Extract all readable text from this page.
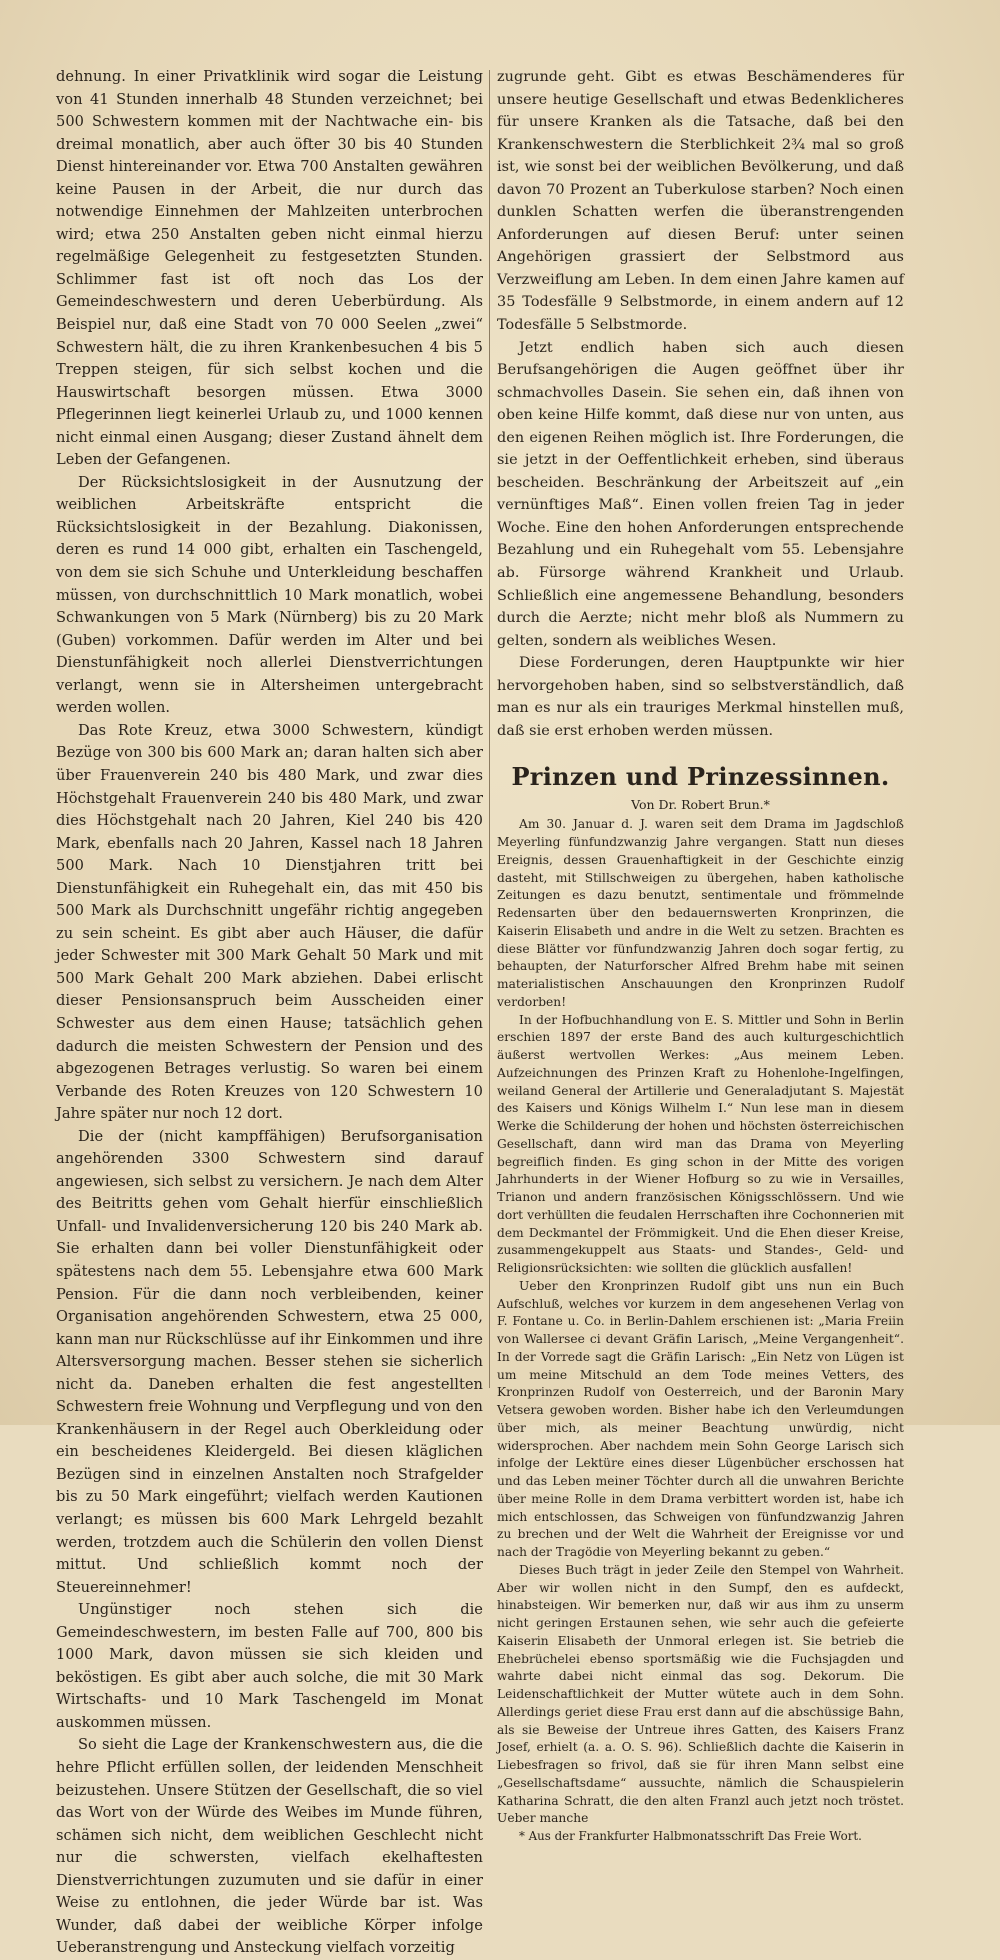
dehnung. In einer Privatklinik wird sogar die Leistung von 41 Stunden innerhalb 48 Stunden verzeichnet; bei 500 Schwestern kommen mit der Nachtwache ein- bis dreimal monatlich, aber auch öfter 30 bis 40 Stunden Dienst hintereinander vor. Etwa 700 Anstalten gewähren keine Pausen in der Arbeit, die nur durch das notwendige Einnehmen der Mahlzeiten unterbrochen wird; etwa 250 Anstalten geben nicht einmal hierzu regelmäßige Gelegenheit zu festgesetzten Stunden. Schlimmer fast ist oft noch das Los der Gemeindeschwestern und deren Ueberbürdung. Als Beispiel nur, daß eine Stadt von 70 000 Seelen „zwei“ Schwestern hält, die zu ihren Krankenbesuchen 4 bis 5 Treppen steigen, für sich selbst kochen und die Hauswirtschaft besorgen müssen. Etwa 3000 Pflegerinnen liegt keinerlei Urlaub zu, und 1000 kennen nicht einmal einen Ausgang; dieser Zustand ähnelt dem Leben der Gefangenen.

Der Rücksichtslosigkeit in der Ausnutzung der weiblichen Arbeitskräfte entspricht die Rücksichtslosigkeit in der Bezahlung. Diakonissen, deren es rund 14 000 gibt, erhalten ein Taschengeld, von dem sie sich Schuhe und Unterkleidung beschaffen müssen, von durchschnittlich 10 Mark monatlich, wobei Schwankungen von 5 Mark (Nürnberg) bis zu 20 Mark (Guben) vorkommen. Dafür werden im Alter und bei Dienstunfähigkeit noch allerlei Dienstverrichtungen verlangt, wenn sie in Altersheimen untergebracht werden wollen.

Das Rote Kreuz, etwa 3000 Schwestern, kündigt Bezüge von 300 bis 600 Mark an; daran halten sich aber über Frauenverein 240 bis 480 Mark, und zwar dies Höchstgehalt Frauenverein 240 bis 480 Mark, und zwar dies Höchstgehalt nach 20 Jahren, Kiel 240 bis 420 Mark, ebenfalls nach 20 Jahren, Kassel nach 18 Jahren 500 Mark. Nach 10 Dienstjahren tritt bei Dienstunfähigkeit ein Ruhegehalt ein, das mit 450 bis 500 Mark als Durchschnitt ungefähr richtig angegeben zu sein scheint. Es gibt aber auch Häuser, die dafür jeder Schwester mit 300 Mark Gehalt 50 Mark und mit 500 Mark Gehalt 200 Mark abziehen. Dabei erlischt dieser Pensionsanspruch beim Ausscheiden einer Schwester aus dem einen Hause; tatsächlich gehen dadurch die meisten Schwestern der Pension und des abgezogenen Betrages verlustig. So waren bei einem Verbande des Roten Kreuzes von 120 Schwestern 10 Jahre später nur noch 12 dort.

Die der (nicht kampffähigen) Berufsorganisation angehörenden 3300 Schwestern sind darauf angewiesen, sich selbst zu versichern. Je nach dem Alter des Beitritts gehen vom Gehalt hierfür einschließlich Unfall- und Invalidenversicherung 120 bis 240 Mark ab. Sie erhalten dann bei voller Dienstunfähigkeit oder spätestens nach dem 55. Lebensjahre etwa 600 Mark Pension. Für die dann noch verbleibenden, keiner Organisation angehörenden Schwestern, etwa 25 000, kann man nur Rückschlüsse auf ihr Einkommen und ihre Altersversorgung machen. Besser stehen sie sicherlich nicht da. Daneben erhalten die fest angestellten Schwestern freie Wohnung und Verpflegung und von den Krankenhäusern in der Regel auch Oberkleidung oder ein bescheidenes Kleidergeld. Bei diesen kläglichen Bezügen sind in einzelnen Anstalten noch Strafgelder bis zu 50 Mark eingeführt; vielfach werden Kautionen verlangt; es müssen bis 600 Mark Lehrgeld bezahlt werden, trotzdem auch die Schülerin den vollen Dienst mittut. Und schließlich kommt noch der Steuereinnehmer!

Ungünstiger noch stehen sich die Gemeindeschwestern, im besten Falle auf 700, 800 bis 1000 Mark, davon müssen sie sich kleiden und beköstigen. Es gibt aber auch solche, die mit 30 Mark Wirtschafts- und 10 Mark Taschengeld im Monat auskommen müssen.

So sieht die Lage der Krankenschwestern aus, die die hehre Pflicht erfüllen sollen, der leidenden Menschheit beizustehen. Unsere Stützen der Gesellschaft, die so viel das Wort von der Würde des Weibes im Munde führen, schämen sich nicht, dem weiblichen Geschlecht nicht nur die schwersten, vielfach ekelhaftesten Dienstverrichtungen zuzumuten und sie dafür in einer Weise zu entlohnen, die jeder Würde bar ist. Was Wunder, daß dabei der weibliche Körper infolge Ueberanstrengung und Ansteckung vielfach vorzeitig

zugrunde geht. Gibt es etwas Beschämenderes für unsere heutige Gesellschaft und etwas Bedenklicheres für unsere Kranken als die Tatsache, daß bei den Krankenschwestern die Sterblichkeit 2¾ mal so groß ist, wie sonst bei der weiblichen Bevölkerung, und daß davon 70 Prozent an Tuberkulose starben? Noch einen dunklen Schatten werfen die überanstrengenden Anforderungen auf diesen Beruf: unter seinen Angehörigen grassiert der Selbstmord aus Verzweiflung am Leben. In dem einen Jahre kamen auf 35 Todesfälle 9 Selbstmorde, in einem andern auf 12 Todesfälle 5 Selbstmorde.

Jetzt endlich haben sich auch diesen Berufsangehörigen die Augen geöffnet über ihr schmachvolles Dasein. Sie sehen ein, daß ihnen von oben keine Hilfe kommt, daß diese nur von unten, aus den eigenen Reihen möglich ist. Ihre Forderungen, die sie jetzt in der Oeffentlichkeit erheben, sind überaus bescheiden. Beschränkung der Arbeitszeit auf „ein vernünftiges Maß“. Einen vollen freien Tag in jeder Woche. Eine den hohen Anforderungen entsprechende Bezahlung und ein Ruhegehalt vom 55. Lebensjahre ab. Fürsorge während Krankheit und Urlaub. Schließlich eine angemessene Behandlung, besonders durch die Aerzte; nicht mehr bloß als Nummern zu gelten, sondern als weibliches Wesen.

Diese Forderungen, deren Hauptpunkte wir hier hervorgehoben haben, sind so selbstverständlich, daß man es nur als ein trauriges Merkmal hinstellen muß, daß sie erst erhoben werden müssen.

Prinzen und Prinzessinnen.
Von Dr. Robert Brun.*

Am 30. Januar d. J. waren seit dem Drama im Jagdschloß Meyerling fünfundzwanzig Jahre vergangen. Statt nun dieses Ereignis, dessen Grauenhaftigkeit in der Geschichte einzig dasteht, mit Stillschweigen zu übergehen, haben katholische Zeitungen es dazu benutzt, sentimentale und frömmelnde Redensarten über den bedauernswerten Kronprinzen, die Kaiserin Elisabeth und andre in die Welt zu setzen. Brachten es diese Blätter vor fünfundzwanzig Jahren doch sogar fertig, zu behaupten, der Naturforscher Alfred Brehm habe mit seinen materialistischen Anschauungen den Kronprinzen Rudolf verdorben!

In der Hofbuchhandlung von E. S. Mittler und Sohn in Berlin erschien 1897 der erste Band des auch kulturgeschichtlich äußerst wertvollen Werkes: „Aus meinem Leben. Aufzeichnungen des Prinzen Kraft zu Hohenlohe-Ingelfingen, weiland General der Artillerie und Generaladjutant S. Majestät des Kaisers und Königs Wilhelm I.“ Nun lese man in diesem Werke die Schilderung der hohen und höchsten österreichischen Gesellschaft, dann wird man das Drama von Meyerling begreiflich finden. Es ging schon in der Mitte des vorigen Jahrhunderts in der Wiener Hofburg so zu wie in Versailles, Trianon und andern französischen Königsschlössern. Und wie dort verhüllten die feudalen Herrschaften ihre Cochonnerien mit dem Deckmantel der Frömmigkeit. Und die Ehen dieser Kreise, zusammengekuppelt aus Staats- und Standes-, Geld- und Religionsrücksichten: wie sollten die glücklich ausfallen!

Ueber den Kronprinzen Rudolf gibt uns nun ein Buch Aufschluß, welches vor kurzem in dem angesehenen Verlag von F. Fontane u. Co. in Berlin-Dahlem erschienen ist: „Maria Freiin von Wallersee ci devant Gräfin Larisch, „Meine Vergangenheit“. In der Vorrede sagt die Gräfin Larisch: „Ein Netz von Lügen ist um meine Mitschuld an dem Tode meines Vetters, des Kronprinzen Rudolf von Oesterreich, und der Baronin Mary Vetsera gewoben worden. Bisher habe ich den Verleumdungen über mich, als meiner Beachtung unwürdig, nicht widersprochen. Aber nachdem mein Sohn George Larisch sich infolge der Lektüre eines dieser Lügenbücher erschossen hat und das Leben meiner Töchter durch all die unwahren Berichte über meine Rolle in dem Drama verbittert worden ist, habe ich mich entschlossen, das Schweigen von fünfundzwanzig Jahren zu brechen und der Welt die Wahrheit der Ereignisse vor und nach der Tragödie von Meyerling bekannt zu geben.“

Dieses Buch trägt in jeder Zeile den Stempel von Wahrheit. Aber wir wollen nicht in den Sumpf, den es aufdeckt, hinabsteigen. Wir bemerken nur, daß wir aus ihm zu unserm nicht geringen Erstaunen sehen, wie sehr auch die gefeierte Kaiserin Elisabeth der Unmoral erlegen ist. Sie betrieb die Ehebrüchelei ebenso sportsmäßig wie die Fuchsjagden und wahrte dabei nicht einmal das sog. Dekorum. Die Leidenschaftlichkeit der Mutter wütete auch in dem Sohn. Allerdings geriet diese Frau erst dann auf die abschüssige Bahn, als sie Beweise der Untreue ihres Gatten, des Kaisers Franz Josef, erhielt (a. a. O. S. 96). Schließlich dachte die Kaiserin in Liebesfragen so frivol, daß sie für ihren Mann selbst eine „Gesellschaftsdame“ aussuchte, nämlich die Schauspielerin Katharina Schratt, die den alten Franzl auch jetzt noch tröstet. Ueber manche

* Aus der Frankfurter Halbmonatsschrift Das Freie Wort.
